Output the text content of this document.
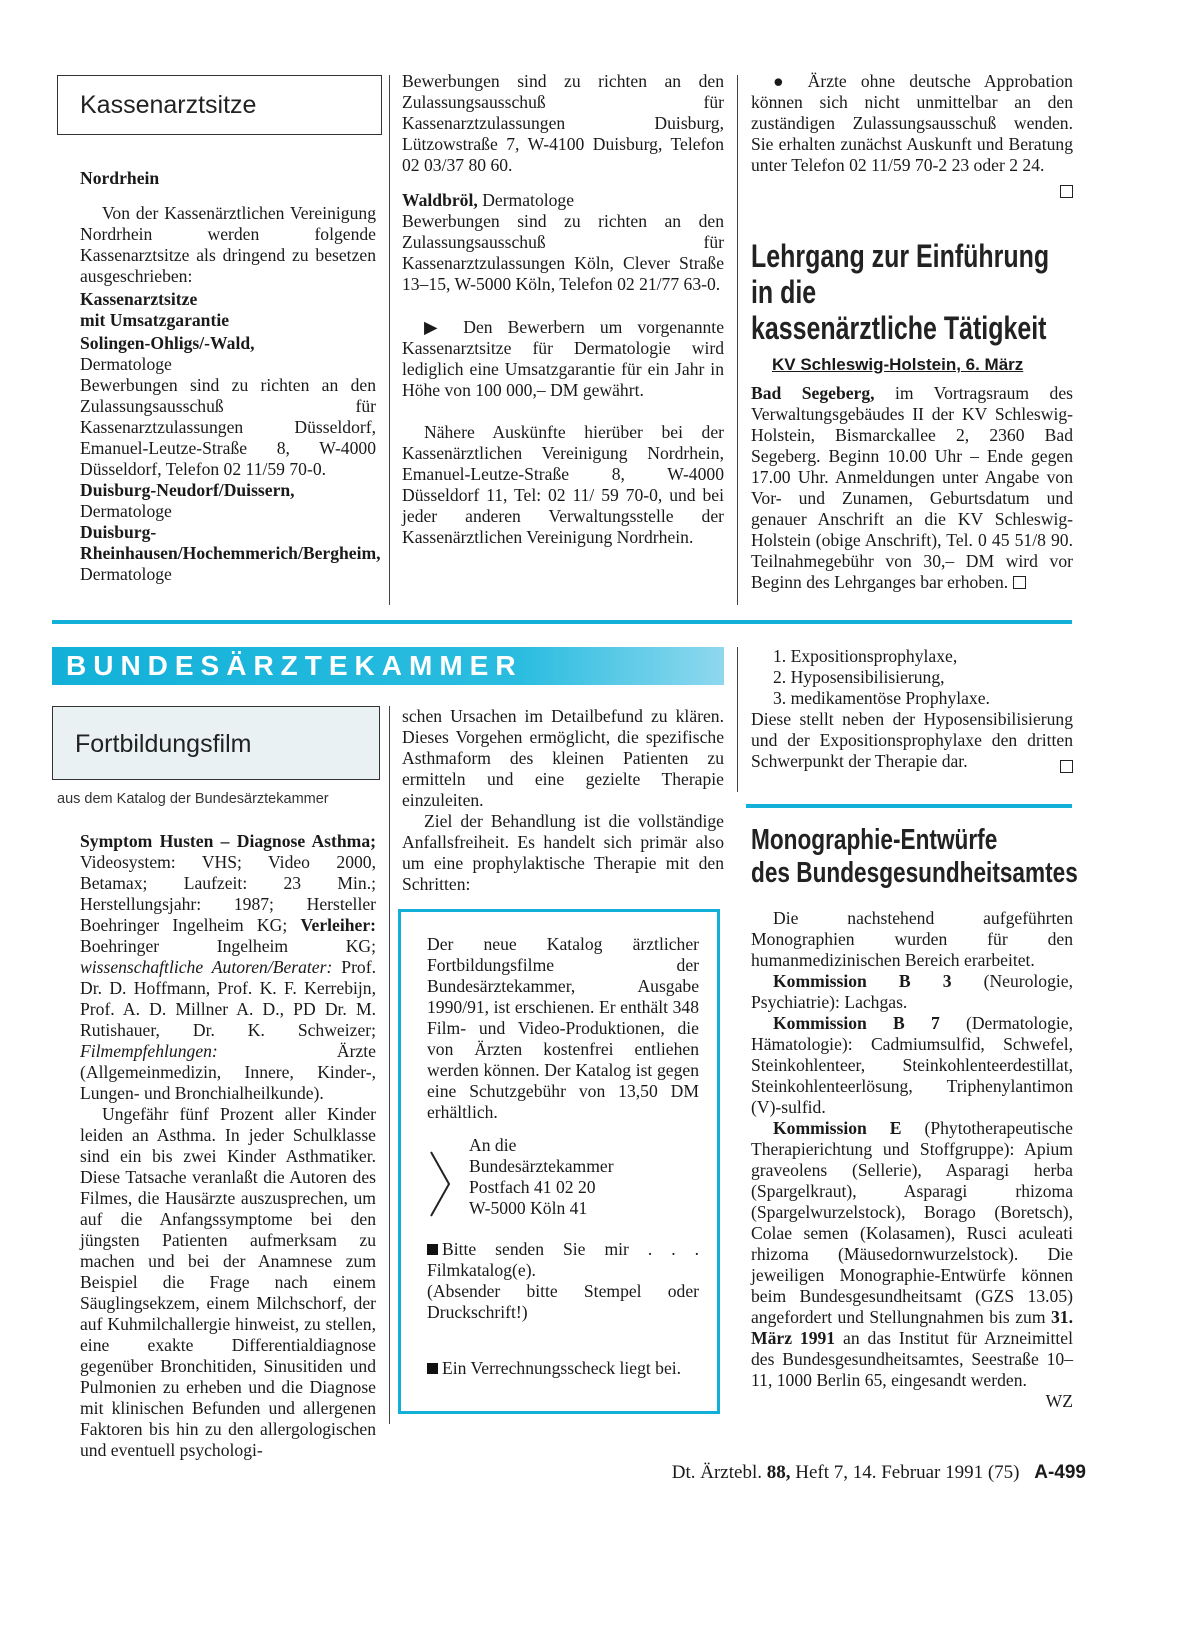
Kassenarztsitze

Nordrhein

Von der Kassenärztlichen Vereinigung Nordrhein werden folgende Kassenarztsitze als dringend zu besetzen ausgeschrieben:

Kassenarztsitze

mit Umsatzgarantie

Solingen-Ohligs/-Wald,

Dermatologe

Bewerbungen sind zu richten an den Zulassungsausschuß für Kassenarztzulassungen Düsseldorf, Emanuel-Leutze-Straße 8, W-4000 Düsseldorf, Telefon 02 11/59 70-0.

Duisburg-Neudorf/Duissern,

Dermatologe

Duisburg-Rheinhausen/Hochemmerich/Bergheim,

Dermatologe

Bewerbungen sind zu richten an den Zulassungsausschuß für Kassenarztzulassungen Duisburg, Lützowstraße 7, W-4100 Duisburg, Telefon 02 03/37 80 60.

Waldbröl, Dermatologe

Bewerbungen sind zu richten an den Zulassungsausschuß für Kassenarztzulassungen Köln, Clever Straße 13–15, W-5000 Köln, Telefon 02 21/77 63-0.

▶ Den Bewerbern um vorgenannte Kassenarztsitze für Dermatologie wird lediglich eine Umsatzgarantie für ein Jahr in Höhe von 100 000,– DM gewährt.

Nähere Auskünfte hierüber bei der Kassenärztlichen Vereinigung Nordrhein, Emanuel-Leutze-Straße 8, W-4000 Düsseldorf 11, Tel: 02 11/ 59 70-0, und bei jeder anderen Verwaltungsstelle der Kassenärztlichen Vereinigung Nordrhein.

● Ärzte ohne deutsche Approbation können sich nicht unmittelbar an den zuständigen Zulassungsausschuß wenden. Sie erhalten zunächst Auskunft und Beratung unter Telefon 02 11/59 70-2 23 oder 2 24.

Lehrgang zur Einführung
in die
kassenärztliche Tätigkeit
KV Schleswig-Holstein, 6. März

Bad Segeberg, im Vortragsraum des Verwaltungsgebäudes II der KV Schleswig-Holstein, Bismarckallee 2, 2360 Bad Segeberg. Beginn 10.00 Uhr – Ende gegen 17.00 Uhr. Anmeldungen unter Angabe von Vor- und Zunamen, Geburtsdatum und genauer Anschrift an die KV Schleswig-Holstein (obige Anschrift), Tel. 0 45 51/8 90. Teilnahmegebühr von 30,– DM wird vor Beginn des Lehrganges bar erhoben.

BUNDESÄRZTEKAMMER
Fortbildungsfilm
aus dem Katalog der Bundesärztekammer

Symptom Husten – Diagnose Asthma; Videosystem: VHS; Video 2000, Betamax; Laufzeit: 23 Min.; Herstellungsjahr: 1987; Hersteller Boehringer Ingelheim KG; Verleiher: Boehringer Ingelheim KG; wissenschaftliche Autoren/Berater: Prof. Dr. D. Hoffmann, Prof. K. F. Kerrebijn, Prof. A. D. Millner A. D., PD Dr. M. Rutishauer, Dr. K. Schweizer; Filmempfehlungen:	Ärzte (Allgemeinmedizin, Innere, Kinder-, Lungen- und Bronchialheilkunde).

Ungefähr fünf Prozent aller Kinder leiden an Asthma. In jeder Schulklasse sind ein bis zwei Kinder Asthmatiker. Diese Tatsache veranlaßt die Autoren des Filmes, die Hausärzte auszusprechen, um auf die Anfangssymptome bei den jüngsten Patienten aufmerksam zu machen und bei der Anamnese zum Beispiel die Frage nach einem Säuglingsekzem, einem Milchschorf, der auf Kuhmilchallergie hinweist, zu stellen, eine exakte Differentialdiagnose gegenüber Bronchitiden, Sinusitiden und Pulmonien zu erheben und die Diagnose mit klinischen Befunden und allergenen Faktoren bis hin zu den allergologischen und eventuell psychologi-

schen Ursachen im Detailbefund zu klären. Dieses Vorgehen ermöglicht, die spezifische Asthmaform des kleinen Patienten zu ermitteln und eine gezielte Therapie einzuleiten.

Ziel der Behandlung ist die vollständige Anfallsfreiheit. Es handelt sich primär also um eine prophylaktische Therapie mit den Schritten:

Der neue Katalog ärztlicher Fortbildungsfilme der Bundesärztekammer, Ausgabe 1990/91, ist erschienen. Er enthält 348 Film- und Video-Produktionen, die von Ärzten kostenfrei entliehen werden können. Der Katalog ist gegen eine Schutzgebühr von 13,50 DM erhältlich.

An die

Bundesärztekammer

Postfach 41 02 20

W-5000 Köln 41

Bitte senden Sie mir . . . Filmkatalog(e).

(Absender bitte Stempel oder Druckschrift!)

Ein Verrechnungsscheck liegt bei.

1. Expositionsprophylaxe,

2. Hyposensibilisierung,

3. medikamentöse Prophylaxe.

Diese stellt neben der Hyposensibilisierung und der Expositionsprophylaxe den dritten Schwerpunkt der Therapie dar.

Monographie-Entwürfe
des Bundesgesundheitsamtes

Die nachstehend aufgeführten Monographien wurden für den humanmedizinischen Bereich erarbeitet.

Kommission B 3 (Neurologie, Psychiatrie): Lachgas.

Kommission B 7 (Dermatologie, Hämatologie): Cadmiumsulfid, Schwefel, Steinkohlenteer, Steinkohlenteerdestillat, Steinkohlenteerlösung, Triphenylantimon (V)-sulfid.

Kommission E (Phytotherapeutische Therapierichtung und Stoffgruppe): Apium graveolens (Sellerie), Asparagi herba (Spargelkraut), Asparagi rhizoma (Spargelwurzelstock), Borago (Boretsch), Colae semen (Kolasamen), Rusci aculeati rhizoma (Mäusedornwurzelstock). Die jeweiligen Monographie-Entwürfe können beim Bundesgesundheitsamt (GZS 13.05) angefordert und Stellungnahmen bis zum 31. März 1991 an das Institut für Arzneimittel des Bundesgesundheitsamtes, Seestraße 10–11, 1000 Berlin 65, eingesandt werden.
WZ

Dt. Ärztebl. 88, Heft 7, 14. Februar 1991 (75) A-499
